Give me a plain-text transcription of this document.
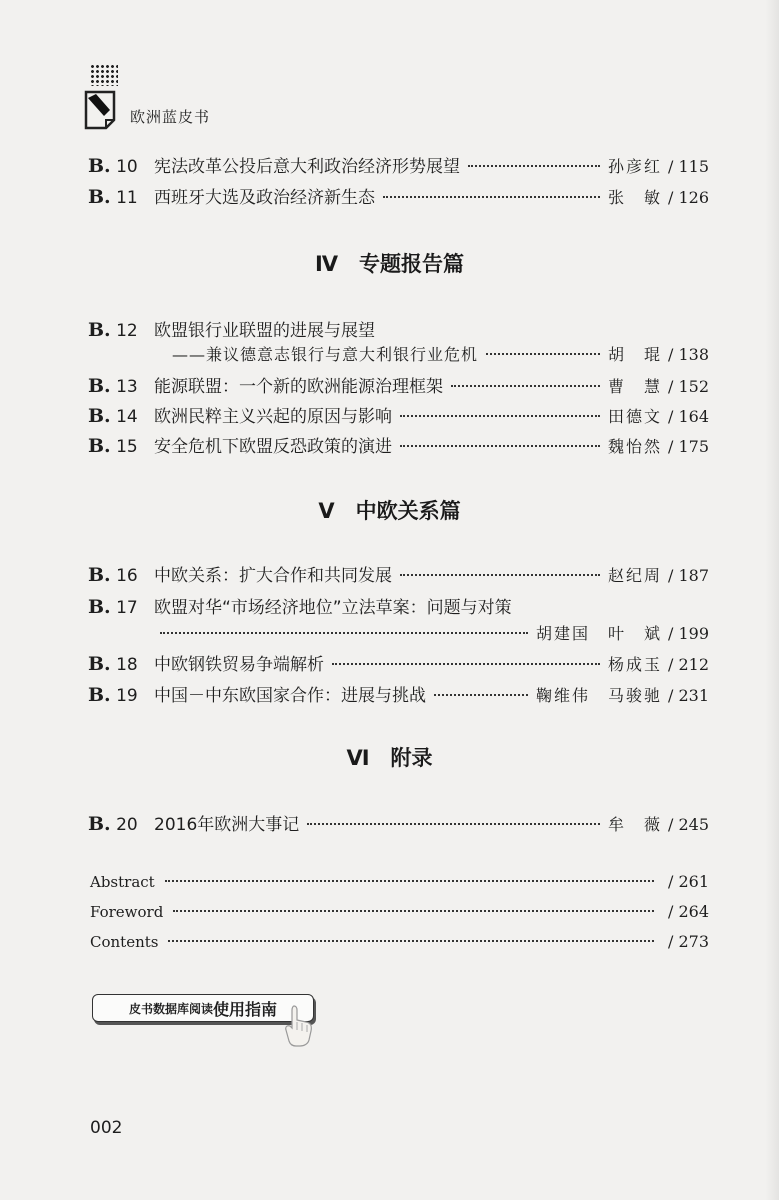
欧洲蓝皮书
B. 10 宪法改革公投后意大利政治经济形势展望	孙彦红 / 115
B. 11 西班牙大选及政治经济新生态	张　敏 / 126
Ⅳ　专题报告篇
B. 12 欧盟银行业联盟的进展与展望
——兼议德意志银行与意大利银行业危机	胡　琨 / 138
B. 13 能源联盟：一个新的欧洲能源治理框架	曹　慧 / 152
B. 14 欧洲民粹主义兴起的原因与影响	田德文 / 164
B. 15 安全危机下欧盟反恐政策的演进	魏怡然 / 175
Ⅴ　中欧关系篇
B. 16 中欧关系：扩大合作和共同发展	赵纪周 / 187
B. 17 欧盟对华“市场经济地位”立法草案：问题与对策
胡建国　叶　斌 / 199
B. 18 中欧钢铁贸易争端解析	杨成玉 / 212
B. 19 中国－中东欧国家合作：进展与挑战	鞠维伟　马骏驰 / 231
Ⅵ　附录
B. 20 2016年欧洲大事记	牟　薇 / 245
Abstract	/ 261
Foreword	/ 264
Contents	/ 273
皮书数据库阅读 使用指南
002
